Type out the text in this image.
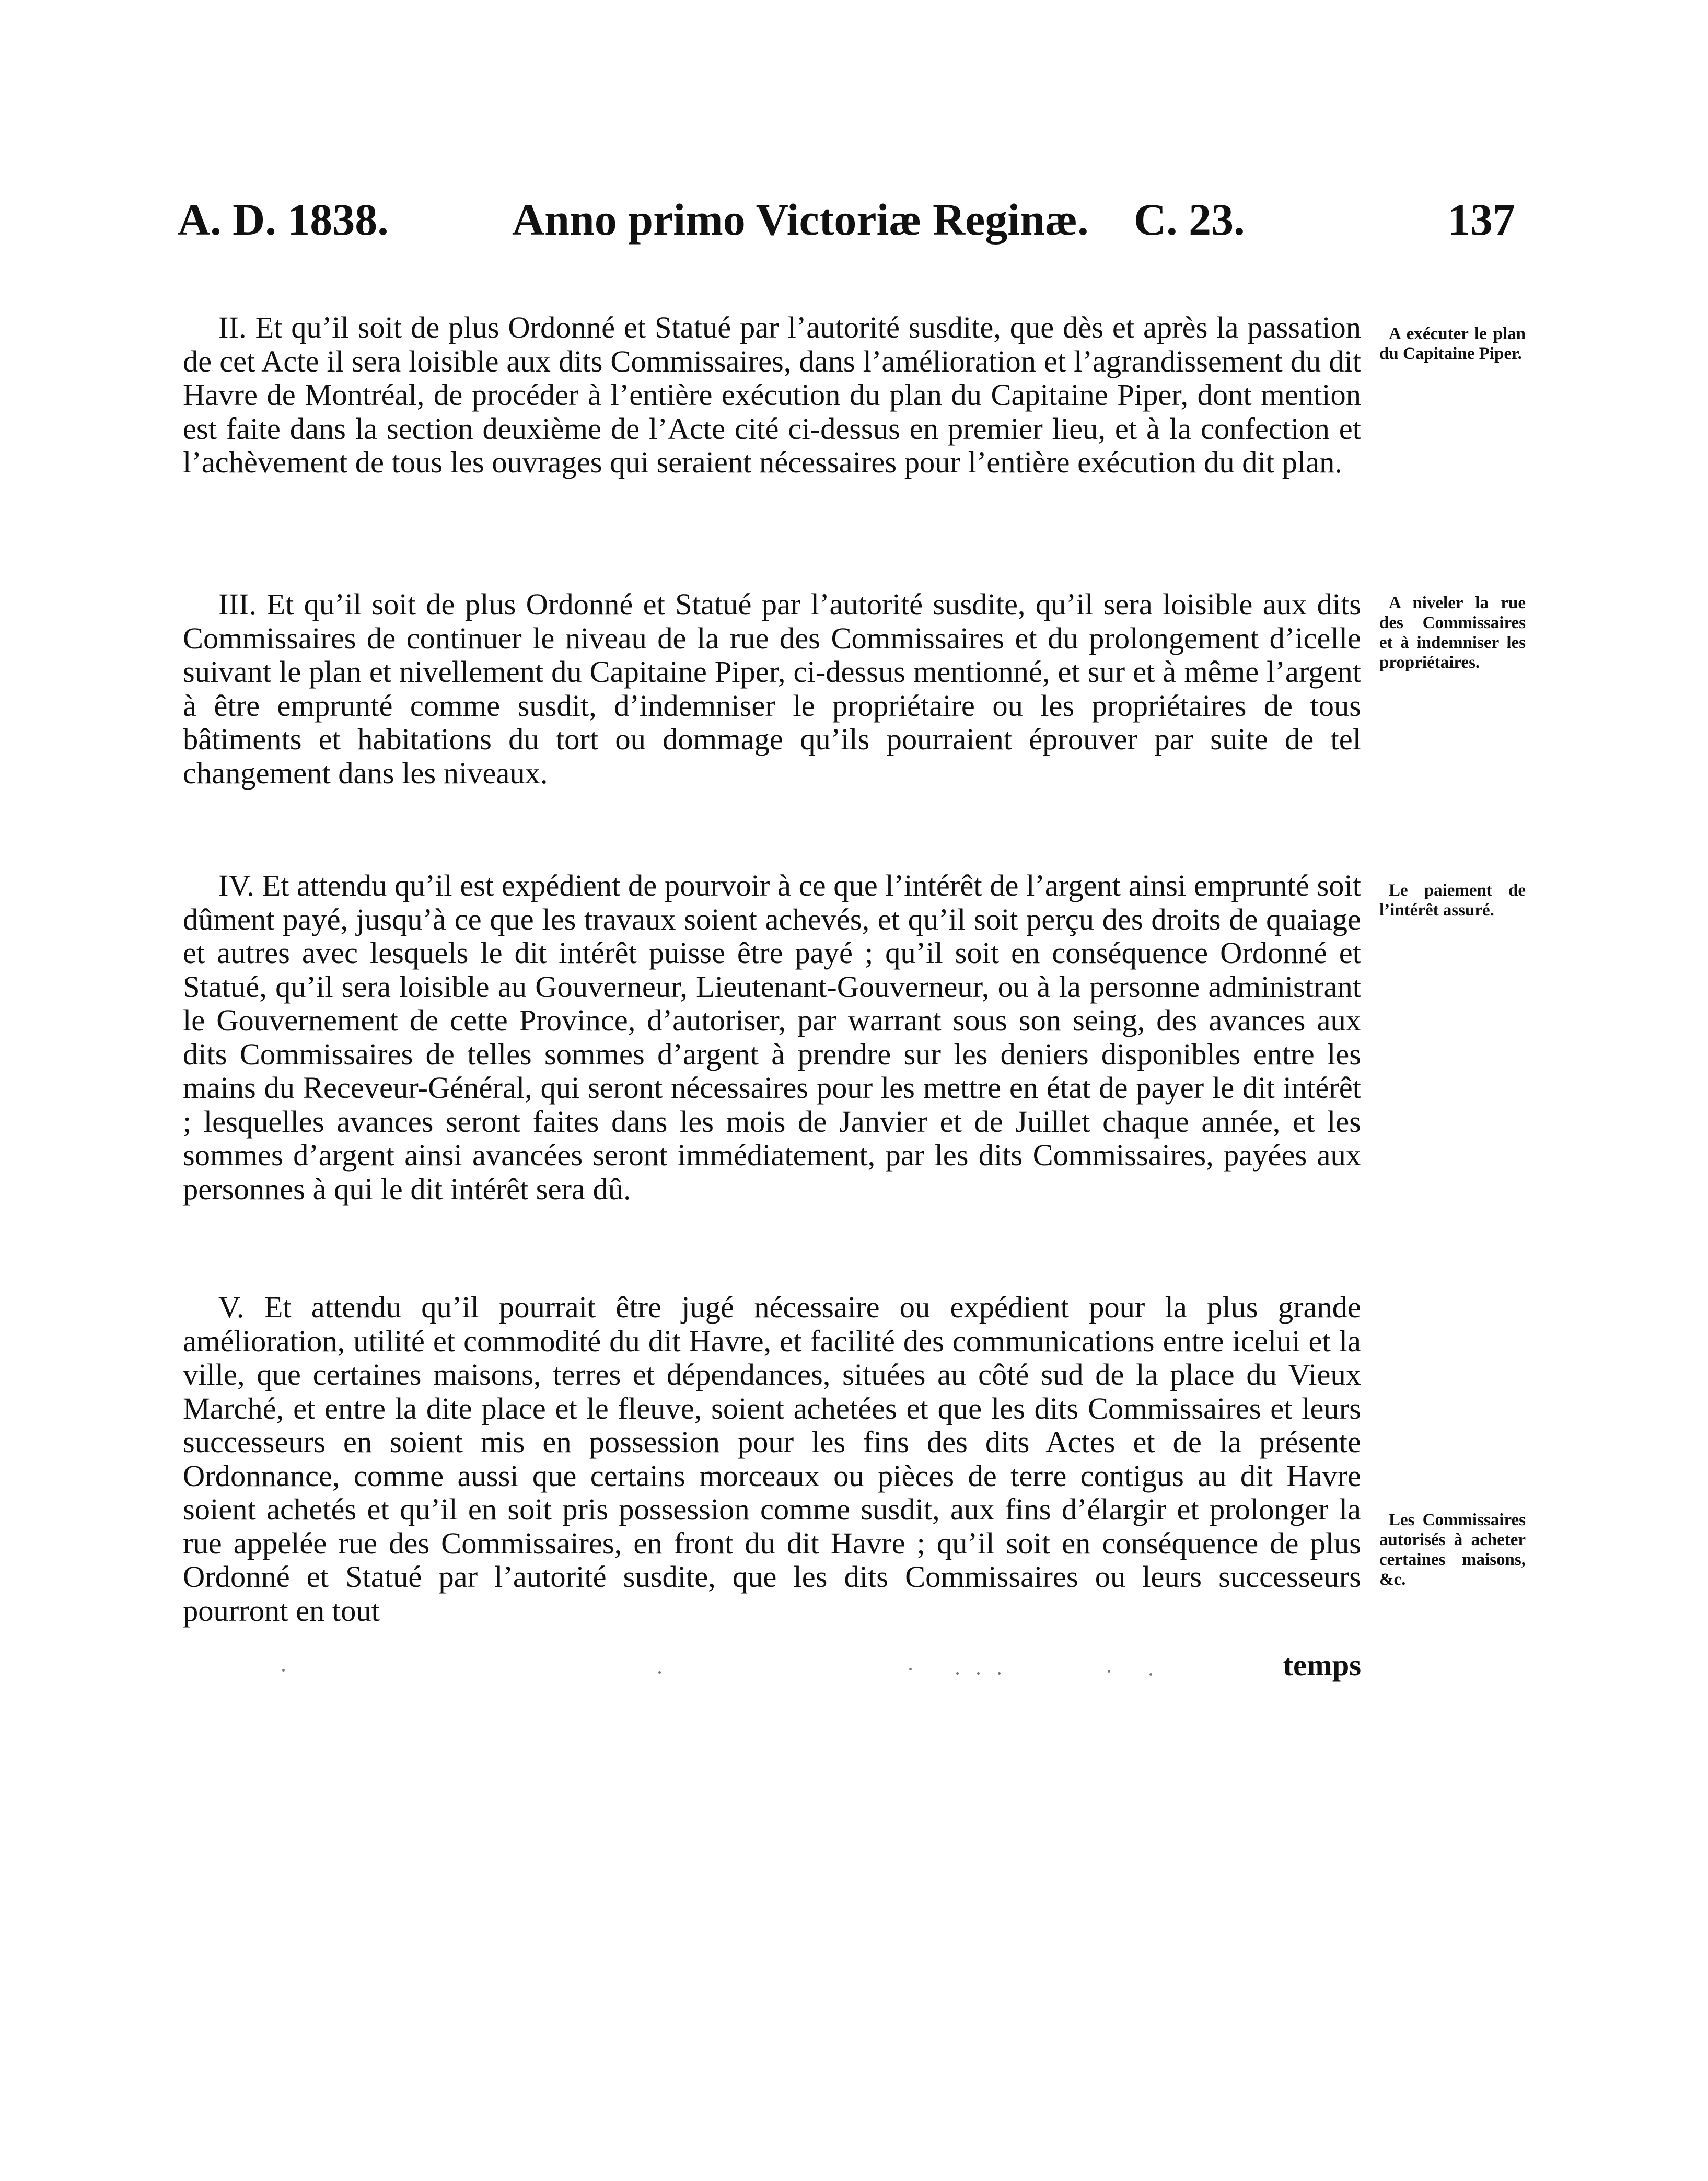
A. D. 1838.	Anno primo Victoriæ Reginæ. C. 23.	137

II. Et qu’il soit de plus Ordonné et Statué par l’autorité susdite, que dès et après la passation de cet Acte il sera loisible aux dits Commissaires, dans l’amélioration et l’agrandissement du dit Havre de Montréal, de procéder à l’entière exécution du plan du Capitaine Piper, dont mention est faite dans la section deuxième de l’Acte cité ci-dessus en premier lieu, et à la confection et l’achèvement de tous les ouvrages qui seraient nécessaires pour l’entière exécution du dit plan.

A exécuter le plan du Capitaine Piper.

III. Et qu’il soit de plus Ordonné et Statué par l’autorité susdite, qu’il sera loisible aux dits Commissaires de continuer le niveau de la rue des Commissaires et du prolongement d’icelle suivant le plan et nivellement du Capitaine Piper, ci-dessus mentionné, et sur et à même l’argent à être emprunté comme susdit, d’indemniser le propriétaire ou les propriétaires de tous bâtiments et habitations du tort ou dommage qu’ils pourraient éprouver par suite de tel changement dans les niveaux.

A niveler la rue des Commissaires et à indemniser les propriétaires.

IV. Et attendu qu’il est expédient de pourvoir à ce que l’intérêt de l’argent ainsi emprunté soit dûment payé, jusqu’à ce que les travaux soient achevés, et qu’il soit perçu des droits de quaiage et autres avec lesquels le dit intérêt puisse être payé ; qu’il soit en conséquence Ordonné et Statué, qu’il sera loisible au Gouverneur, Lieutenant-Gouverneur, ou à la personne administrant le Gouvernement de cette Province, d’autoriser, par warrant sous son seing, des avances aux dits Commissaires de telles sommes d’argent à prendre sur les deniers disponibles entre les mains du Receveur-Général, qui seront nécessaires pour les mettre en état de payer le dit intérêt ; lesquelles avances seront faites dans les mois de Janvier et de Juillet chaque année, et les sommes d’argent ainsi avancées seront immédiatement, par les dits Commissaires, payées aux personnes à qui le dit intérêt sera dû.

Le paiement de l’intérêt assuré.

V. Et attendu qu’il pourrait être jugé nécessaire ou expédient pour la plus grande amélioration, utilité et commodité du dit Havre, et facilité des communications entre icelui et la ville, que certaines maisons, terres et dépendances, situées au côté sud de la place du Vieux Marché, et entre la dite place et le fleuve, soient achetées et que les dits Commissaires et leurs successeurs en soient mis en possession pour les fins des dits Actes et de la présente Ordonnance, comme aussi que certains morceaux ou pièces de terre contigus au dit Havre soient achetés et qu’il en soit pris possession comme susdit, aux fins d’élargir et prolonger la rue appelée rue des Commissaires, en front du dit Havre ; qu’il soit en conséquence de plus Ordonné et Statué par l’autorité susdite, que les dits Commissaires ou leurs successeurs pourront en tout

Les Commissaires autorisés à acheter certaines maisons, &c.

temps
